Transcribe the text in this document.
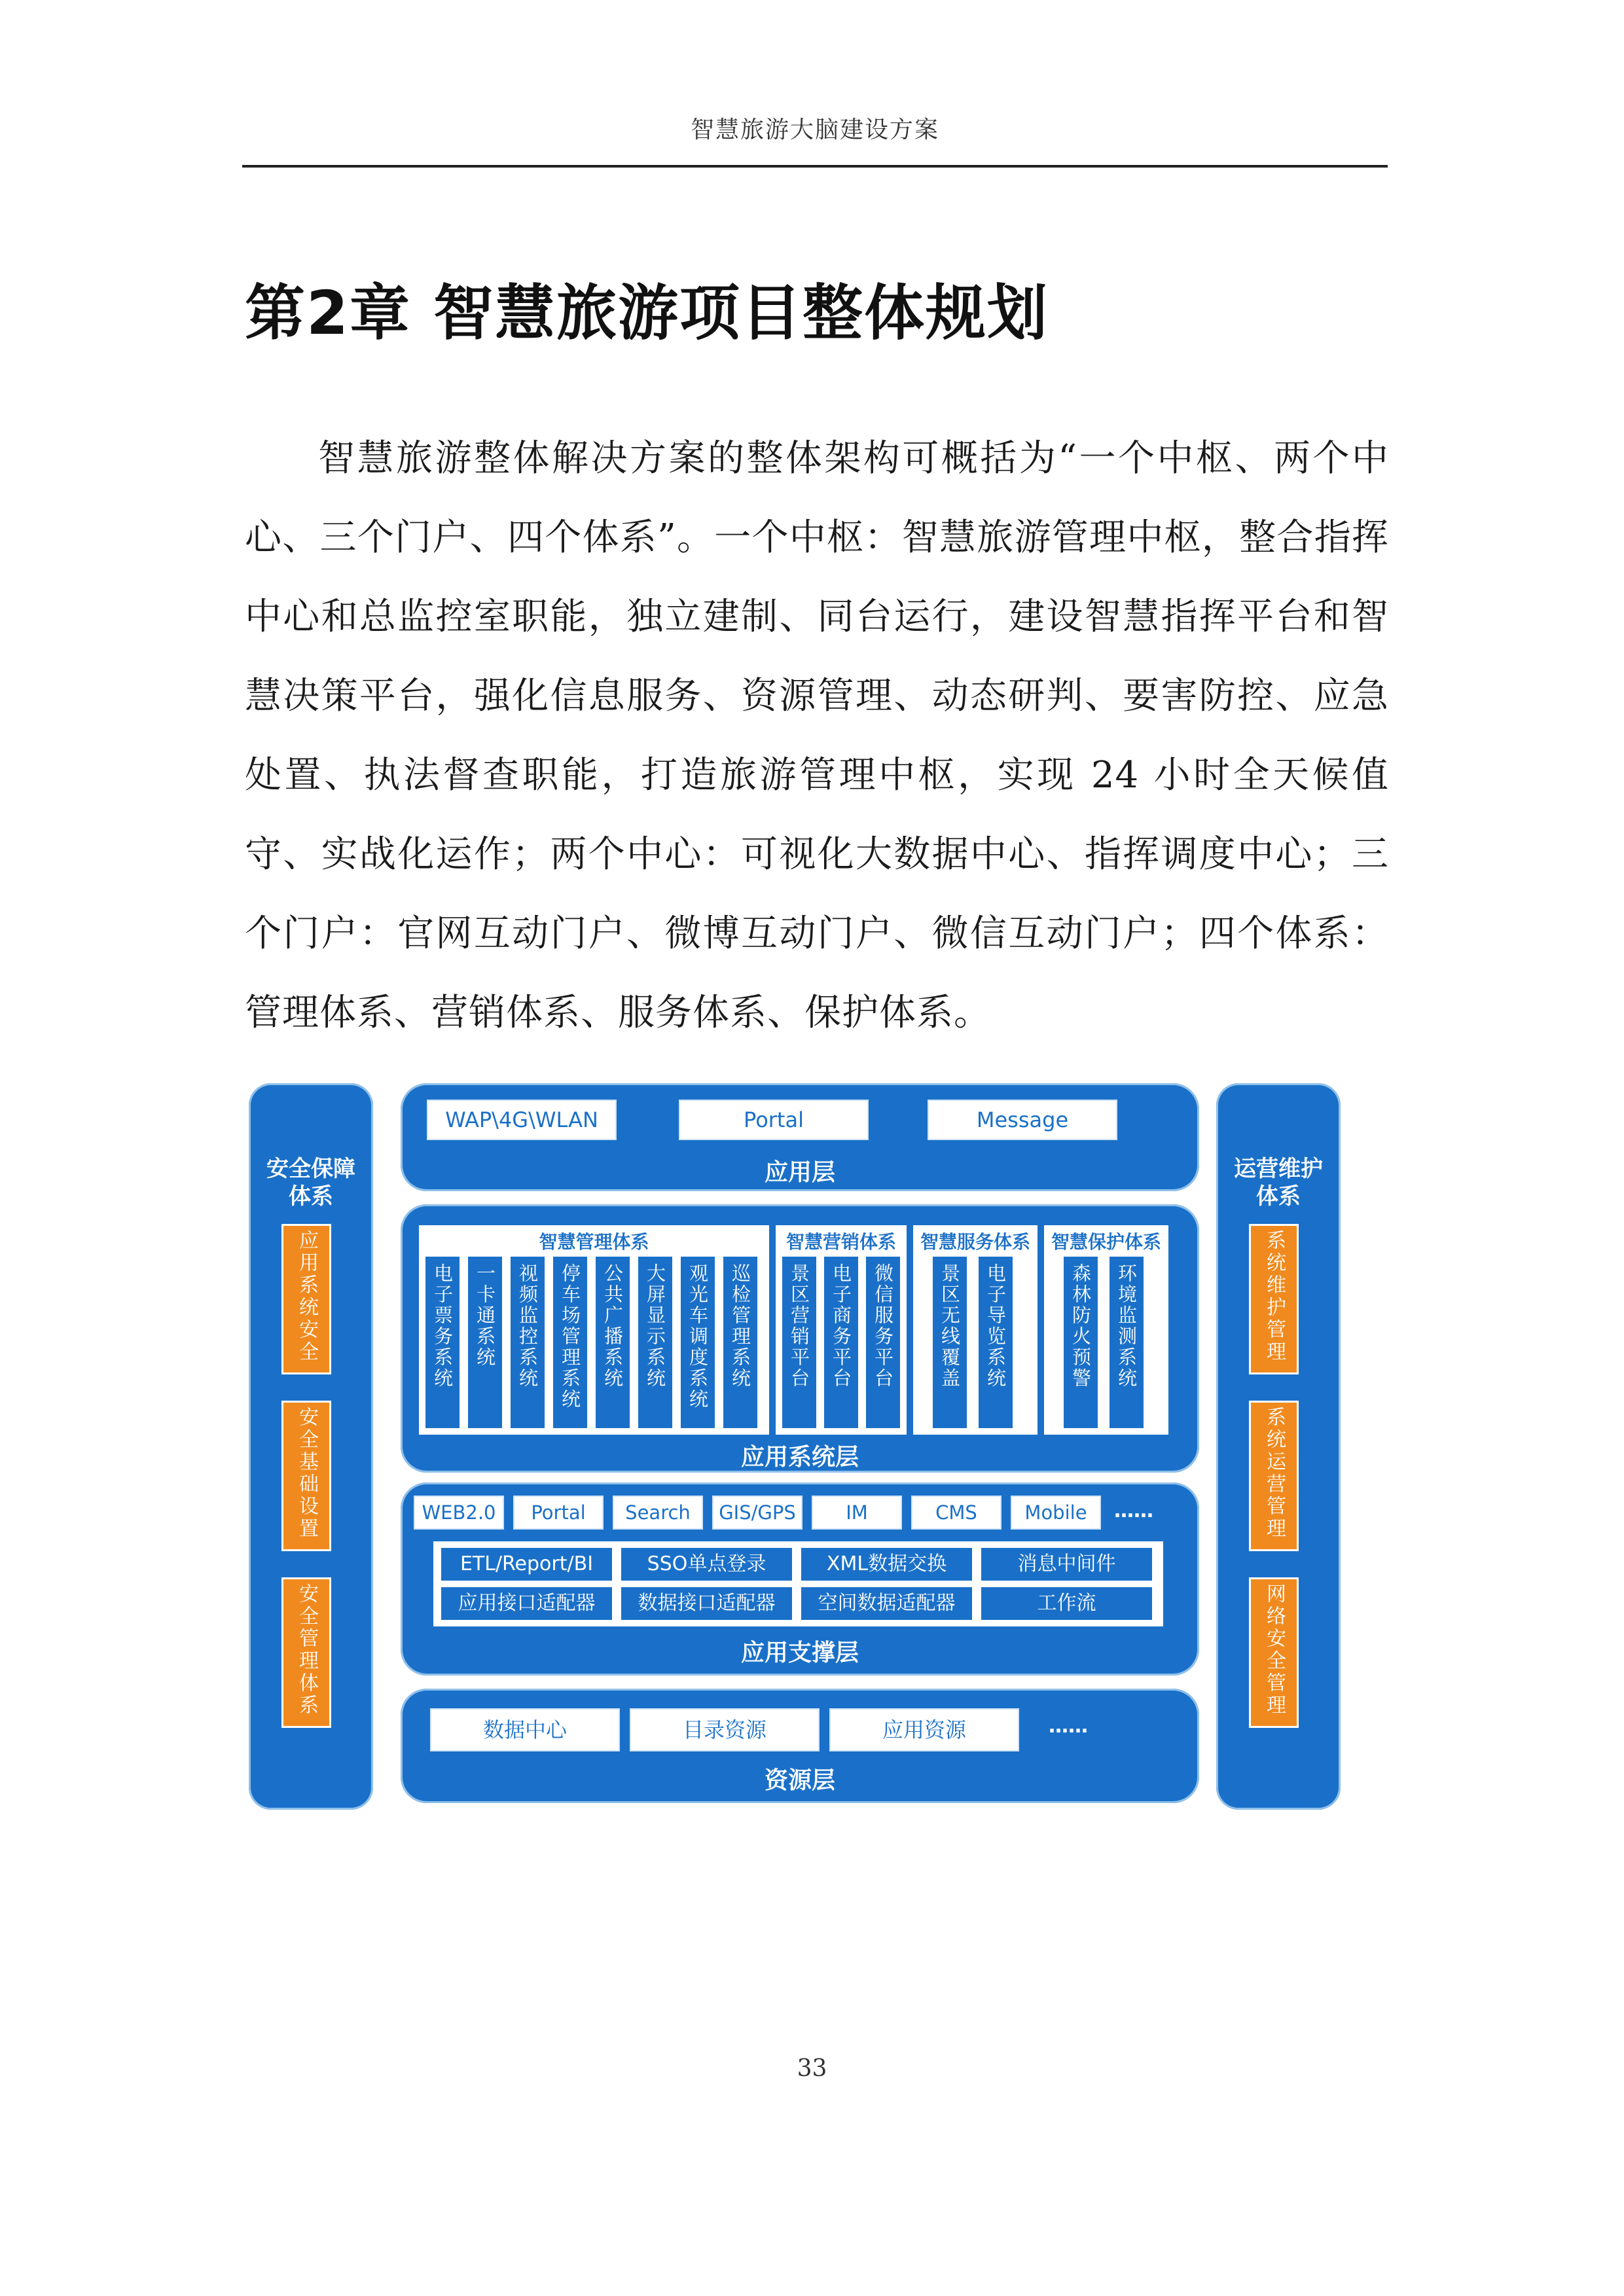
智慧旅游大脑建设方案
第2章 智慧旅游项目整体规划

智慧旅游整体解决方案的整体架构可概括为“一个中枢、两个中心、三个门户、四个体系”。一个中枢：智慧旅游管理中枢，整合指挥中心和总监控室职能，独立建制、同台运行，建设智慧指挥平台和智慧决策平台，强化信息服务、资源管理、动态研判、要害防控、应急处置、执法督查职能，打造旅游管理中枢，实现 24 小时全天候值守、实战化运作；两个中心：可视化大数据中心、指挥调度中心；三个门户：官网互动门户、微博互动门户、微信互动门户；四个体系：管理体系、营销体系、服务体系、保护体系。

安全保障
体系
应用系统安全
安全基础设置
安全管理体系
运营维护
体系
系统维护管理
系统运营管理
网络安全管理
WAP\4G\WLAN	Portal	Message
应用层
智慧管理体系
电子票务系统 一卡通系统 视频监控系统 停车场管理系统 公共广播系统 大屏显示系统 观光车调度系统 巡检管理系统
智慧营销体系
景区营销平台 电子商务平台 微信服务平台
智慧服务体系
景区无线覆盖 电子导览系统
智慧保护体系
森林防火预警 环境监测系统
应用系统层
WEB2.0	Portal	Search	GIS/GPS	IM	CMS	Mobile	……
ETL/Report/BI	SSO单点登录	XML数据交换	消息中间件
应用接口适配器	数据接口适配器	空间数据适配器	工作流
应用支撑层
数据中心	目录资源	应用资源	……
资源层
33
